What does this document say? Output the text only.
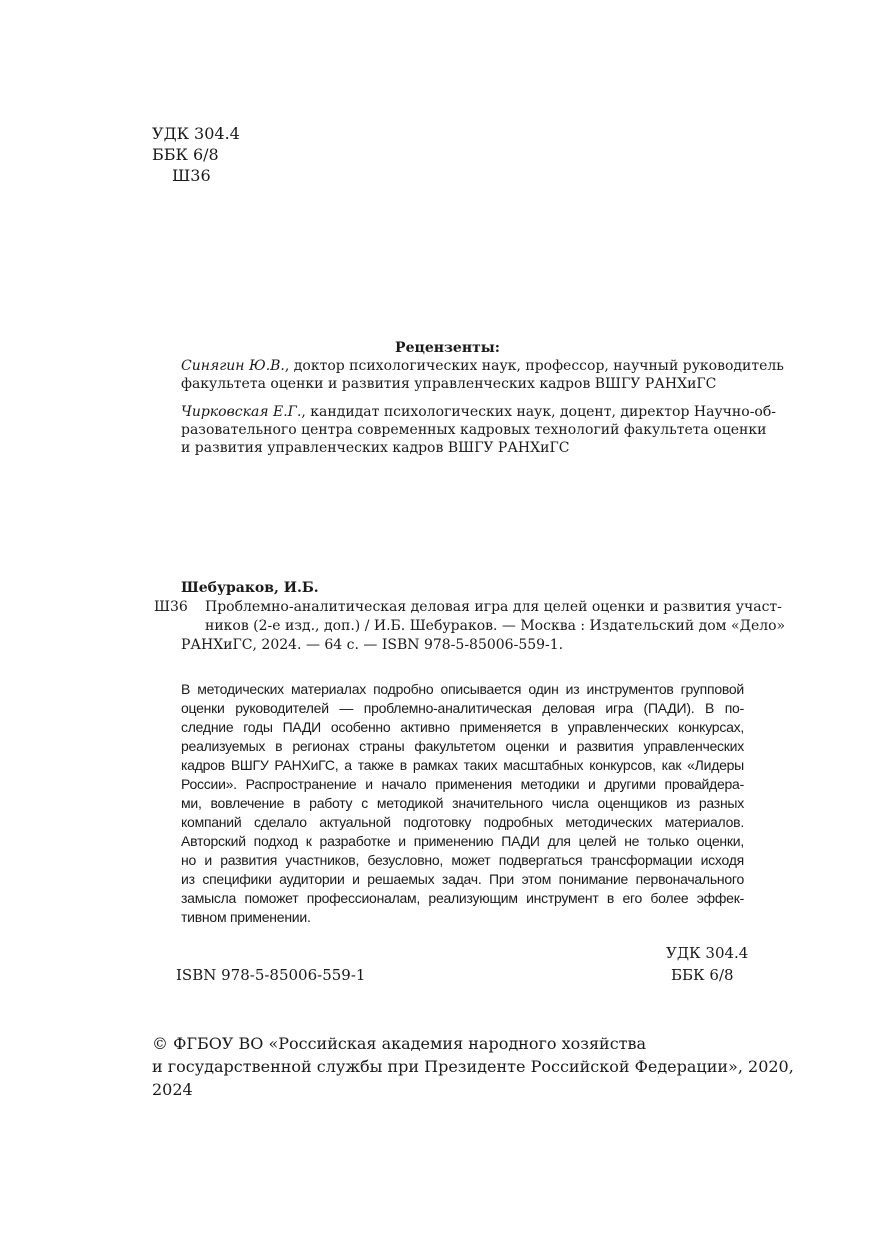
УДК 304.4
ББК 6/8
Ш36
Рецензенты:
Синягин Ю.В., доктор психологических наук, профессор, научный руководитель
факультета оценки и развития управленческих кадров ВШГУ РАНХиГС
Чирковская Е.Г., кандидат психологических наук, доцент, директор Научно-об-
разовательного центра современных кадровых технологий факультета оценки
и развития управленческих кадров ВШГУ РАНХиГС
Шебураков, И.Б.
Ш36 Проблемно-аналитическая деловая игра для целей оценки и развития участ-
ников (2-е изд., доп.) / И.Б. Шебураков. — Москва : Издательский дом «Дело»
РАНХиГС, 2024. — 64 с. — ISBN 978-5-85006-559-1.
В методических материалах подробно описывается один из инструментов групповой
оценки руководителей — проблемно-аналитическая деловая игра (ПАДИ). В по-
следние годы ПАДИ особенно активно применяется в управленческих конкурсах,
реализуемых в регионах страны факультетом оценки и развития управленческих
кадров ВШГУ РАНХиГС, а также в рамках таких масштабных конкурсов, как «Лидеры
России». Распространение и начало применения методики и другими провайдера-
ми, вовлечение в работу с методикой значительного числа оценщиков из разных
компаний сделало актуальной подготовку подробных методических материалов.
Авторский подход к разработке и применению ПАДИ для целей не только оценки,
но и развития участников, безусловно, может подвергаться трансформации исходя
из специфики аудитории и решаемых задач. При этом понимание первоначального
замысла поможет профессионалам, реализующим инструмент в его более эффек-
тивном применении.
УДК 304.4
ISBN 978-5-85006-559-1	ББК 6/8
© ФГБОУ ВО «Российская академия народного хозяйства
и государственной службы при Президенте Российской Федерации», 2020,
2024
